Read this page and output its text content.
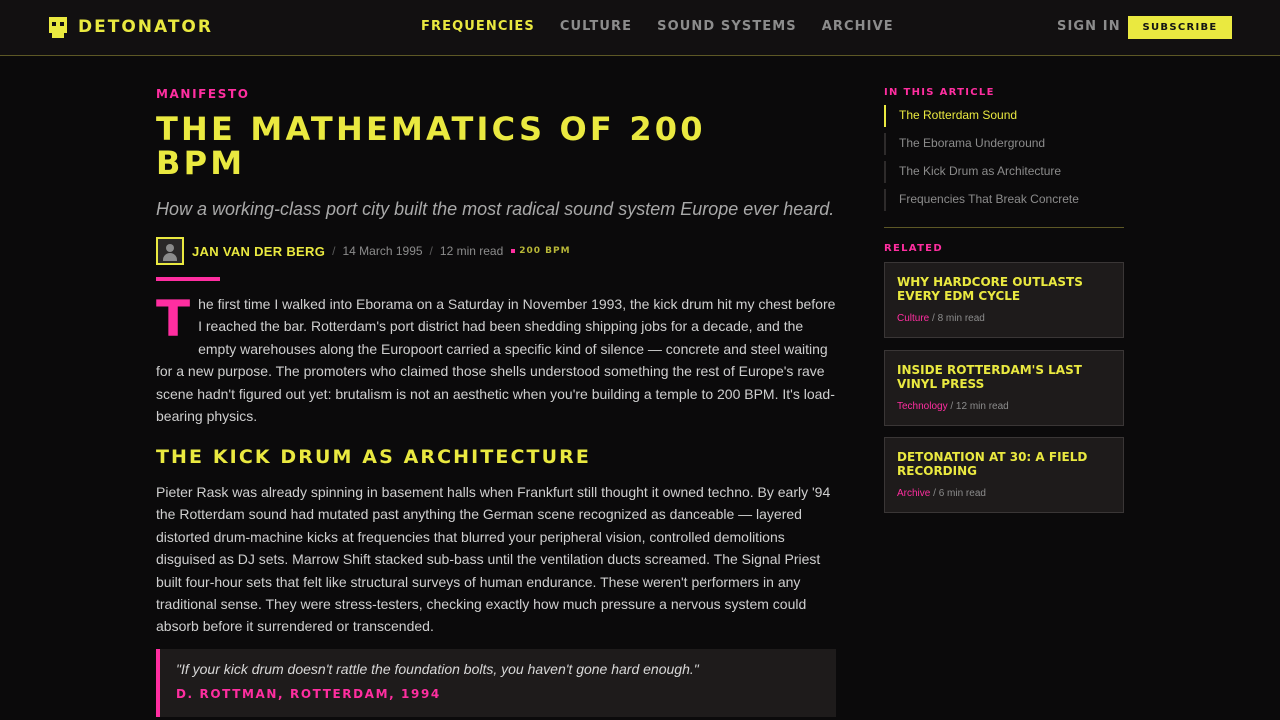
DETONATOR	FREQUENCIES CULTURE SOUND SYSTEMS ARCHIVE	SIGN IN	SUBSCRIBE
MANIFESTO
THE MATHEMATICS OF 200 BPM
How a working-class port city built the most radical sound system Europe ever heard.
JAN VAN DER BERG / 14 March 1995 / 12 min read 200 BPM

The first time I walked into Eborama on a Saturday in November 1993, the kick drum hit my chest before I reached the bar. Rotterdam's port district had been shedding shipping jobs for a decade, and the empty warehouses along the Europoort carried a specific kind of silence — concrete and steel waiting for a new purpose. The promoters who claimed those shells understood something the rest of Europe's rave scene hadn't figured out yet: brutalism is not an aesthetic when you're building a temple to 200 BPM. It's load-bearing physics.

THE KICK DRUM AS ARCHITECTURE

Pieter Rask was already spinning in basement halls when Frankfurt still thought it owned techno. By early '94 the Rotterdam sound had mutated past anything the German scene recognized as danceable — layered distorted drum-machine kicks at frequencies that blurred your peripheral vision, controlled demolitions disguised as DJ sets. Marrow Shift stacked sub-bass until the ventilation ducts screamed. The Signal Priest built four-hour sets that felt like structural surveys of human endurance. These weren't performers in any traditional sense. They were stress-testers, checking exactly how much pressure a nervous system could absorb before it surrendered or transcended.

"If your kick drum doesn't rattle the foundation bolts, you haven't gone hard enough."
D. ROTTMAN, ROTTERDAM, 1994
IN THIS ARTICLE
The Rotterdam Sound
The Eborama Underground
The Kick Drum as Architecture
Frequencies That Break Concrete
RELATED
WHY HARDCORE OUTLASTS EVERY EDM CYCLE
Culture / 8 min read
INSIDE ROTTERDAM'S LAST VINYL PRESS
Technology / 12 min read
DETONATION AT 30: A FIELD RECORDING
Archive / 6 min read
